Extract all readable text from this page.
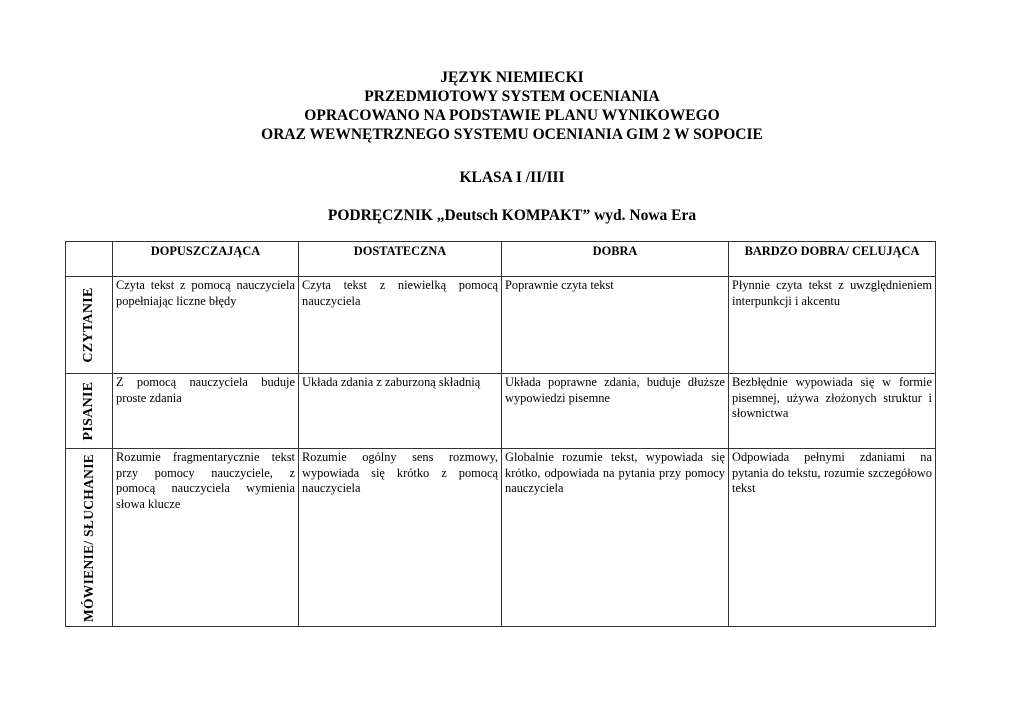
JĘZYK NIEMIECKI
PRZEDMIOTOWY SYSTEM OCENIANIA
OPRACOWANO NA PODSTAWIE PLANU WYNIKOWEGO
ORAZ WEWNĘTRZNEGO SYSTEMU OCENIANIA GIM 2 W SOPOCIE
KLASA I /II/III
PODRĘCZNIK „Deutsch KOMPAKT” wyd. Nowa Era
	DOPUSZCZAJĄCA	DOSTATECZNA	DOBRA	BARDZO DOBRA/ CELUJĄCA

CZYTANIE	Czyta tekst z pomocą nauczyciela popełniając liczne błędy	Czyta tekst z niewielką pomocą nauczyciela	Poprawnie czyta tekst	Płynnie czyta tekst z uwzględnieniem interpunkcji i akcentu

PISANIE	Z pomocą nauczyciela buduje proste zdania	Układa zdania z zaburzoną składnią	Układa poprawne zdania, buduje dłuższe wypowiedzi pisemne	Bezbłędnie wypowiada się w formie pisemnej, używa złożonych struktur i słownictwa

MÓWIENIE/ SŁUCHANIE	Rozumie fragmentarycznie tekst przy pomocy nauczyciele, z pomocą nauczyciela wymienia słowa klucze	Rozumie ogólny sens rozmowy, wypowiada się krótko z pomocą nauczyciela	Globalnie rozumie tekst, wypowiada się krótko, odpowiada na pytania przy pomocy nauczyciela	Odpowiada pełnymi zdaniami na pytania do tekstu, rozumie szczegółowo tekst
